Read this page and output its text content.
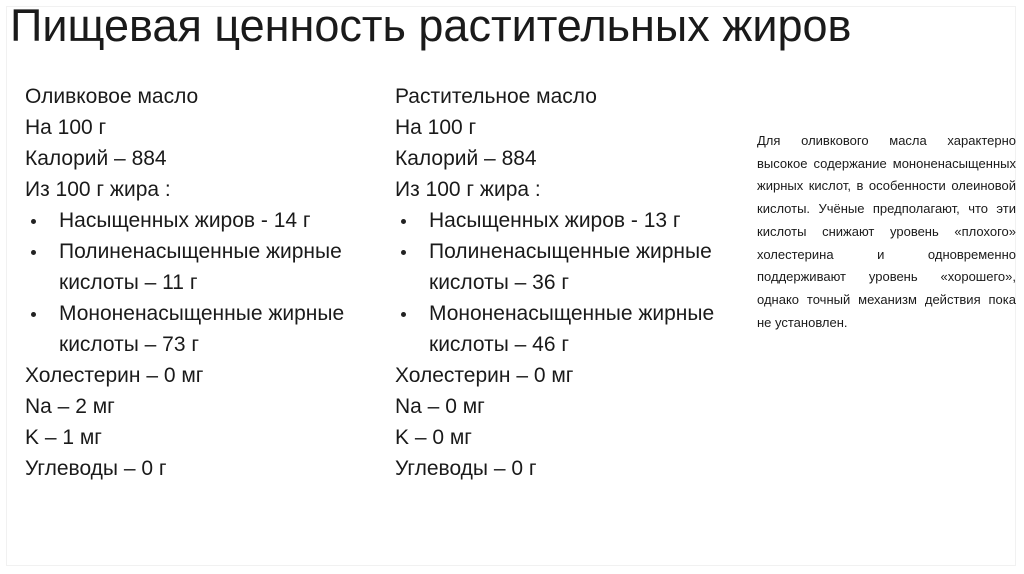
Пищевая ценность растительных жиров
Оливковое масло
На 100 г
Калорий – 884
Из 100 г жира :
Насыщенных жиров - 14 г
Полиненасыщенные жирные кислоты – 11 г
Мононенасыщенные жирные кислоты – 73 г
Холестерин – 0 мг
Na – 2 мг
K – 1 мг
Углеводы – 0 г
Растительное масло
На 100 г
Калорий – 884
Из 100 г жира :
Насыщенных жиров - 13 г
Полиненасыщенные жирные кислоты – 36 г
Мононенасыщенные жирные кислоты – 46 г
Холестерин – 0 мг
Na – 0 мг
K – 0 мг
Углеводы – 0 г
Для оливкового масла характерно высокое содержание мононенасыщенных жирных кислот, в особенности олеиновой кислоты. Учёные предполагают, что эти кислоты снижают уровень «плохого» холестерина и одновременно поддерживают уровень «хорошего», однако точный механизм действия пока не установлен.
